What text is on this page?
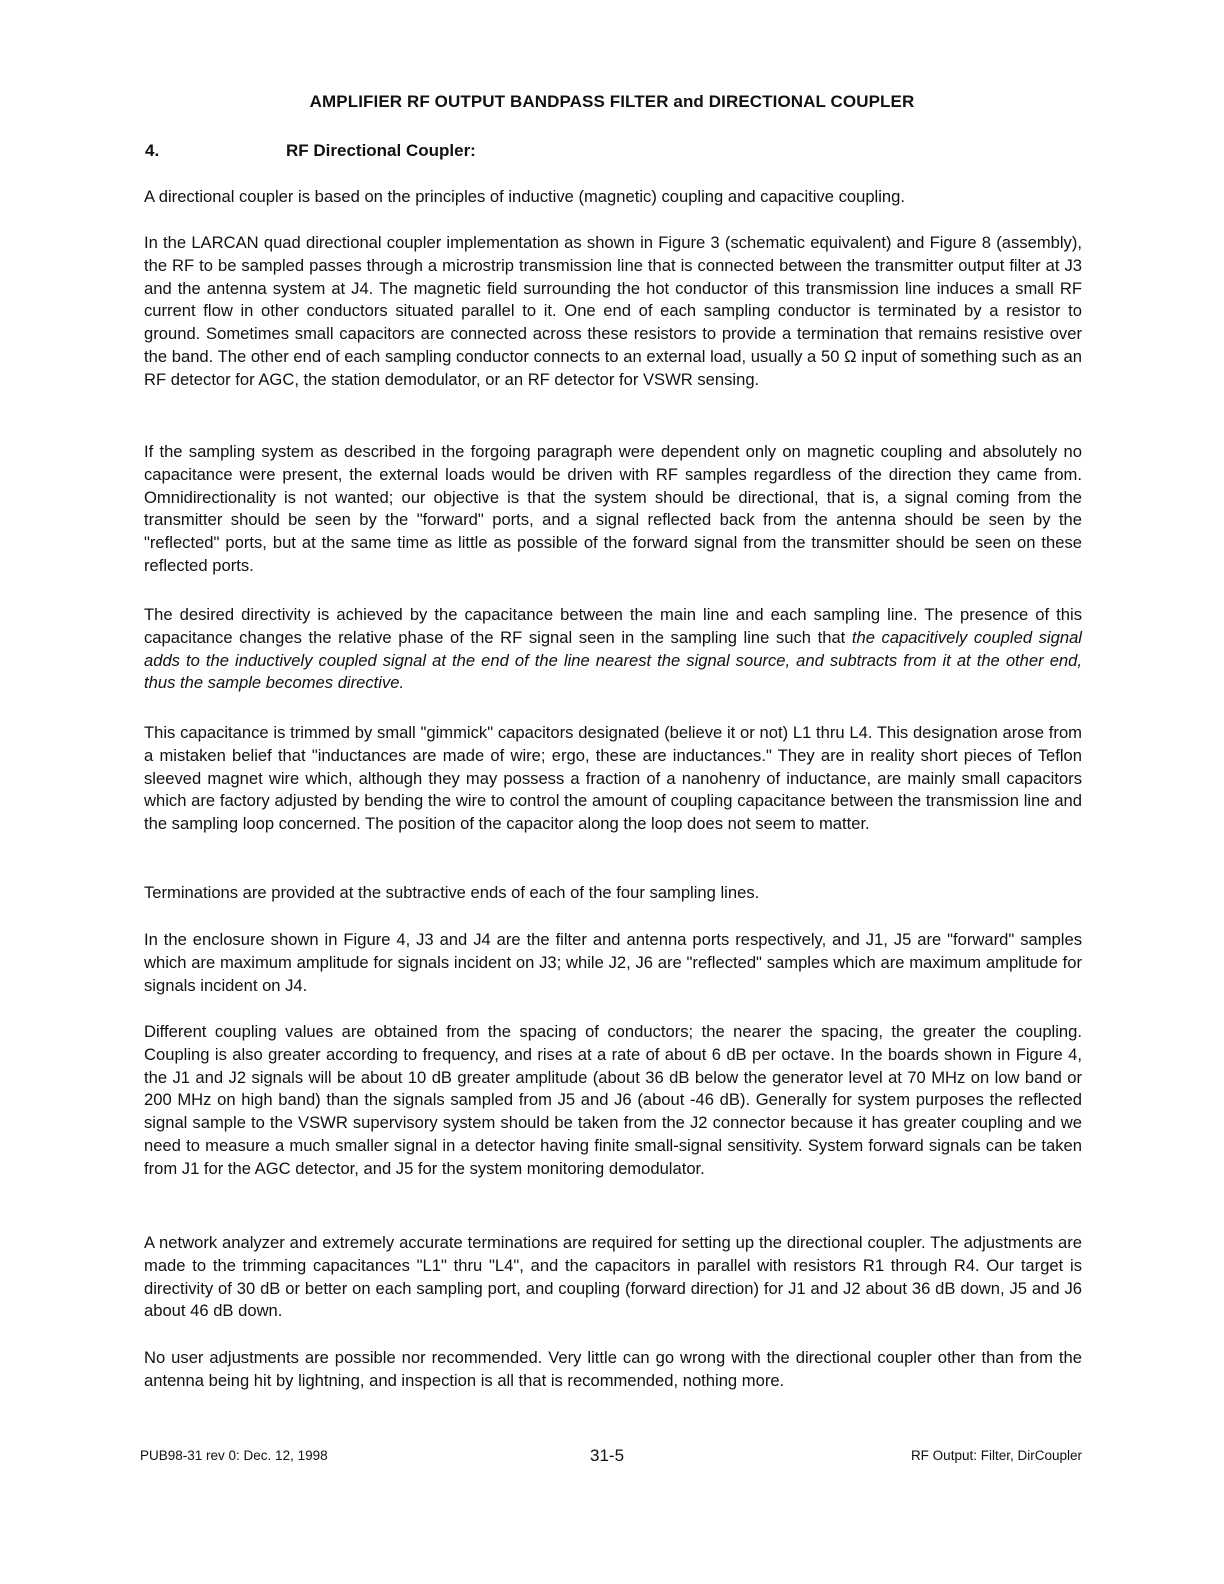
AMPLIFIER RF OUTPUT BANDPASS FILTER and DIRECTIONAL COUPLER
4.	RF Directional Coupler:

A directional coupler is based on the principles of inductive (magnetic) coupling and capacitive coupling.

In the LARCAN quad directional coupler implementation as shown in Figure 3 (schematic equivalent) and Figure 8 (assembly), the RF to be sampled passes through a microstrip transmission line that is connected between the transmitter output filter at J3 and the antenna system at J4. The magnetic field surrounding the hot conductor of this transmission line induces a small RF current flow in other conductors situated parallel to it. One end of each sampling conductor is terminated by a resistor to ground. Sometimes small capacitors are connected across these resistors to provide a termination that remains resistive over the band. The other end of each sampling conductor connects to an external load, usually a 50 Ω input of something such as an RF detector for AGC, the station demodulator, or an RF detector for VSWR sensing.

If the sampling system as described in the forgoing paragraph were dependent only on magnetic coupling and absolutely no capacitance were present, the external loads would be driven with RF samples regardless of the direction they came from. Omnidirectionality is not wanted; our objective is that the system should be directional, that is, a signal coming from the transmitter should be seen by the "forward" ports, and a signal reflected back from the antenna should be seen by the "reflected" ports, but at the same time as little as possible of the forward signal from the transmitter should be seen on these reflected ports.

The desired directivity is achieved by the capacitance between the main line and each sampling line. The presence of this capacitance changes the relative phase of the RF signal seen in the sampling line such that the capacitively coupled signal adds to the inductively coupled signal at the end of the line nearest the signal source, and subtracts from it at the other end, thus the sample becomes directive.

This capacitance is trimmed by small "gimmick" capacitors designated (believe it or not) L1 thru L4. This designation arose from a mistaken belief that "inductances are made of wire; ergo, these are inductances." They are in reality short pieces of Teflon sleeved magnet wire which, although they may possess a fraction of a nanohenry of inductance, are mainly small capacitors which are factory adjusted by bending the wire to control the amount of coupling capacitance between the transmission line and the sampling loop concerned. The position of the capacitor along the loop does not seem to matter.

Terminations are provided at the subtractive ends of each of the four sampling lines.

In the enclosure shown in Figure 4, J3 and J4 are the filter and antenna ports respectively, and J1, J5 are "forward" samples which are maximum amplitude for signals incident on J3; while J2, J6 are "reflected" samples which are maximum amplitude for signals incident on J4.

Different coupling values are obtained from the spacing of conductors; the nearer the spacing, the greater the coupling. Coupling is also greater according to frequency, and rises at a rate of about 6 dB per octave. In the boards shown in Figure 4, the J1 and J2 signals will be about 10 dB greater amplitude (about 36 dB below the generator level at 70 MHz on low band or 200 MHz on high band) than the signals sampled from J5 and J6 (about -46 dB). Generally for system purposes the reflected signal sample to the VSWR supervisory system should be taken from the J2 connector because it has greater coupling and we need to measure a much smaller signal in a detector having finite small-signal sensitivity. System forward signals can be taken from J1 for the AGC detector, and J5 for the system monitoring demodulator.

A network analyzer and extremely accurate terminations are required for setting up the directional coupler. The adjustments are made to the trimming capacitances "L1" thru "L4", and the capacitors in parallel with resistors R1 through R4. Our target is directivity of 30 dB or better on each sampling port, and coupling (forward direction) for J1 and J2 about 36 dB down, J5 and J6 about 46 dB down.

No user adjustments are possible nor recommended. Very little can go wrong with the directional coupler other than from the antenna being hit by lightning, and inspection is all that is recommended, nothing more.

PUB98-31 rev 0: Dec. 12, 1998	31-5	RF Output: Filter, DirCoupler
